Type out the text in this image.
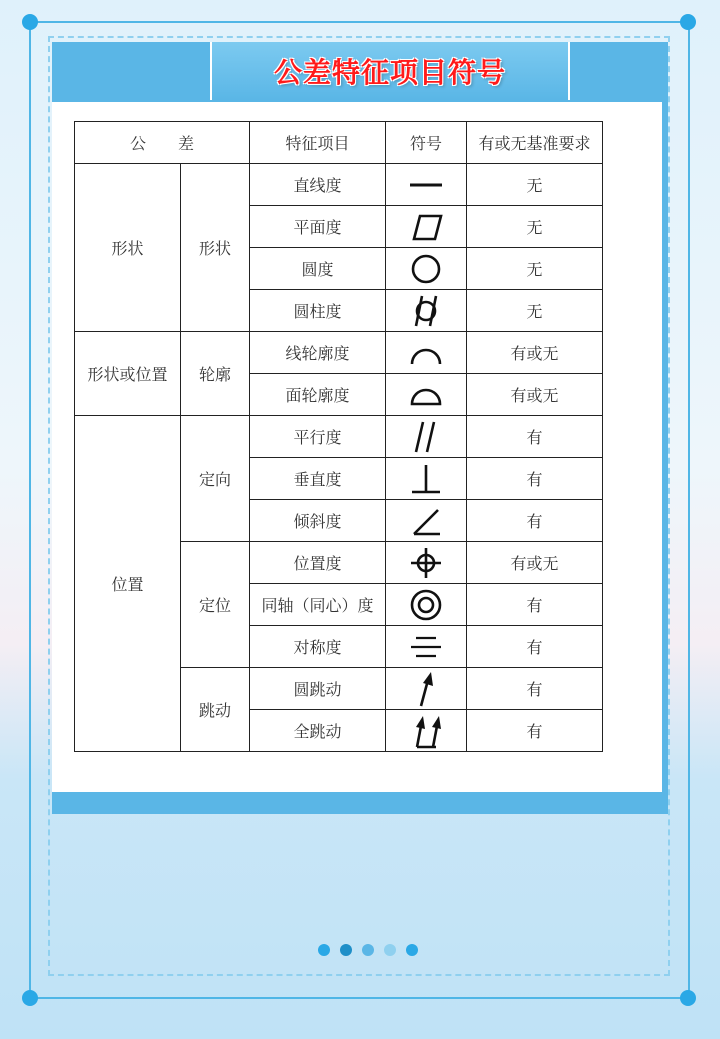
公差特征项目符号
公　　差		特征项目	符号	有或无基准要求
形状	形状	直线度		无
		平面度		无
		圆度		无
		圆柱度		无
形状或位置	轮廓	线轮廓度		有或无
		面轮廓度		有或无
位置	定向	平行度		有
		垂直度		有
		倾斜度		有
	定位	位置度		有或无
		同轴（同心）度		有
		对称度		有
	跳动	圆跳动		有
		全跳动		有
